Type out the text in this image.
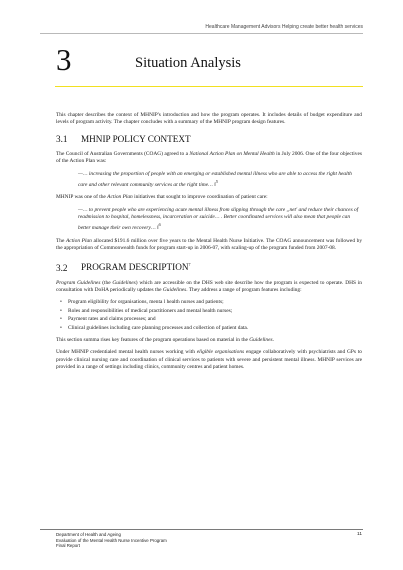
Healthcare Management Advisors Helping create better health services
3	Situation Analysis

This chapter describes the context of MHNIP's introduction and how the program operates. It includes details of budget expenditure and levels of program activity. The chapter concludes with a summary of the MHNIP program design features.

3.1 MHNIP POLICY CONTEXT

The Council of Australian Governments (COAG) agreed to a National Action Plan on Mental Health in July 2006. One of the four objectives of the Action Plan was:

—… increasing the proportion of people with an emerging or established mental illness who are able to access the right health care and other relevant community services at the right time… ‖$^5$

MHNIP was one of the Action Plan initiatives that sought to improve coordination of patient care:

—… to prevent people who are experiencing acute mental illness from slipping through the care „net' and reduce their chances of readmission to hospital, homelessness, incarceration or suicide… . Better coordinated services will also mean that people can better manage their own recovery… ‖$^6$

The Action Plan allocated $191.6 million over five years to the Mental Health Nurse Initiative. The COAG announcement was followed by the appropriation of Commonwealth funds for program start-up in 2006-07, with scaling-up of the program funded from 2007-08.

3.2 PROGRAM DESCRIPTION$^7$

Program Guidelines (the Guidelines) which are accessible on the DHS web site describe how the program is expected to operate. DHS in consultation with DoHA periodically updates the Guidelines. They address a range of program features including:

• Program eligibility for organisations, menta l health nurses and patients;
• Roles and responsibilities of medical practitioners and mental health nurses;
• Payment rates and claims processes; and
• Clinical guidelines including care planning processes and collection of patient data.

This section summa rises key features of the program operations based on material in the Guidelines.

Under MHNIP credentialed mental health nurses working with eligible organisations engage collaboratively with psychiatrists and GPs to provide clinical nursing care and coordination of clinical services to patients with severe and persistent mental illness. MHNIP services are provided in a range of settings including clinics, community centres and patient homes.

Department of Health and Ageing
Evaluation of the Mental Health Nurse Incentive Program
Final Report
11
